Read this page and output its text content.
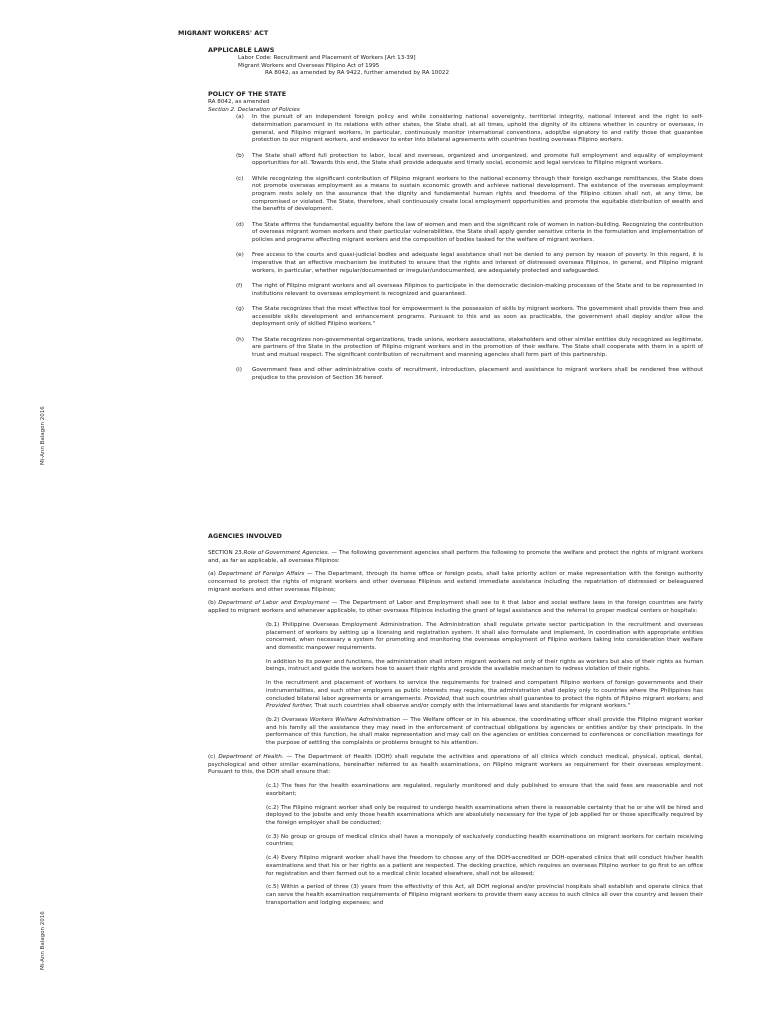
Mi-Ann Balagon 2016
Mi-Ann Balagon 2016
MIGRANT WORKERS' ACT
APPLICABLE LAWS
Labor Code: Recruitment and Placement of Workers [Art 13-39]
Migrant Workers and Overseas Filipino Act of 1995
RA 8042, as amended by RA 9422, further amended by RA 10022
POLICY OF THE STATE
RA 8042, as amended
Section 2. Declaration of Policies
(a)	In the pursuit of an independent foreign policy and while considering national sovereignty, territorial integrity, national interest and the right to self-determination paramount in its relations with other states, the State shall, at all times, uphold the dignity of its citizens whether in country or overseas, in general, and Filipino migrant workers, in particular, continuously monitor international conventions, adopt/be signatory to and ratify those that guarantee protection to our migrant workers, and endeavor to enter into bilateral agreements with countries hosting overseas Filipino workers.
(b)	The State shall afford full protection to labor, local and overseas, organized and unorganized, and promote full employment and equality of employment opportunities for all. Towards this end, the State shall provide adequate and timely social, economic and legal services to Filipino migrant workers.
(c)	While recognizing the significant contribution of Filipino migrant workers to the national economy through their foreign exchange remittances, the State does not promote overseas employment as a means to sustain economic growth and achieve national development. The existence of the overseas employment program rests solely on the assurance that the dignity and fundamental human rights and freedoms of the Filipino citizen shall not, at any time, be compromised or violated. The State, therefore, shall continuously create local employment opportunities and promote the equitable distribution of wealth and the benefits of development.
(d)	The State affirms the fundamental equality before the law of women and men and the significant role of women in nation-building. Recognizing the contribution of overseas migrant women workers and their particular vulnerabilities, the State shall apply gender sensitive criteria in the formulation and implementation of policies and programs affecting migrant workers and the composition of bodies tasked for the welfare of migrant workers.
(e)	Free access to the courts and quasi-judicial bodies and adequate legal assistance shall not be denied to any person by reason of poverty. In this regard, it is imperative that an effective mechanism be instituted to ensure that the rights and interest of distressed overseas Filipinos, in general, and Filipino migrant workers, in particular, whether regular/documented or irregular/undocumented, are adequately protected and safeguarded.
(f)	The right of Filipino migrant workers and all overseas Filipinos to participate in the democratic decision-making processes of the State and to be represented in institutions relevant to overseas employment is recognized and guaranteed.
(g)	The State recognizes that the most effective tool for empowerment is the possession of skills by migrant workers. The government shall provide them free and accessible skills development and enhancement programs. Pursuant to this and as soon as practicable, the government shall deploy and/or allow the deployment only of skilled Filipino workers."
(h)	The State recognizes non-governmental organizations, trade unions, workers associations, stakeholders and other similar entities duly recognized as legitimate, are partners of the State in the protection of Filipino migrant workers and in the promotion of their welfare. The State shall cooperate with them in a spirit of trust and mutual respect. The significant contribution of recruitment and manning agencies shall form part of this partnership.
(i)	Government fees and other administrative costs of recruitment, introduction, placement and assistance to migrant workers shall be rendered free without prejudice to the provision of Section 36 hereof.
AGENCIES INVOLVED

SECTION 23.Role of Government Agencies. — The following government agencies shall perform the following to promote the welfare and protect the rights of migrant workers and, as far as applicable, all overseas Filipinos:

(a) Department of Foreign Affairs — The Department, through its home office or foreign posts, shall take priority action or make representation with the foreign authority concerned to protect the rights of migrant workers and other overseas Filipinos and extend immediate assistance including the repatriation of distressed or beleaguered migrant workers and other overseas Filipinos;

(b) Department of Labor and Employment — The Department of Labor and Employment shall see to it that labor and social welfare laws in the foreign countries are fairly applied to migrant workers and whenever applicable, to other overseas Filipinos including the grant of legal assistance and the referral to proper medical centers or hospitals:

(b.1) Philippine Overseas Employment Administration. The Administration shall regulate private sector participation in the recruitment and overseas placement of workers by setting up a licensing and registration system. It shall also formulate and implement, in coordination with appropriate entities concerned, when necessary a system for promoting and monitoring the overseas employment of Filipino workers taking into consideration their welfare and domestic manpower requirements.

In addition to its power and functions, the administration shall inform migrant workers not only of their rights as workers but also of their rights as human beings, instruct and guide the workers how to assert their rights and provide the available mechanism to redress violation of their rights.

In the recruitment and placement of workers to service the requirements for trained and competent Filipino workers of foreign governments and their instrumentalities, and such other employers as public interests may require, the administration shall deploy only to countries where the Philippines has concluded bilateral labor agreements or arrangements. Provided, that such countries shall guarantee to protect the rights of Filipino migrant workers; and Provided further, That such countries shall observe and/or comply with the international laws and standards for migrant workers."

(b.2) Overseas Workers Welfare Administration — The Welfare officer or in his absence, the coordinating officer shall provide the Filipino migrant worker and his family all the assistance they may need in the enforcement of contractual obligations by agencies or entities and/or by their principals. In the performance of this function, he shall make representation and may call on the agencies or entities concerned to conferences or conciliation meetings for the purpose of settling the complaints or problems brought to his attention.

(c) Department of Health. — The Department of Health (DOH) shall regulate the activities and operations of all clinics which conduct medical, physical, optical, dental, psychological and other similar examinations, hereinafter referred to as health examinations, on Filipino migrant workers as requirement for their overseas employment. Pursuant to this, the DOH shall ensure that:

(c.1) The fees for the health examinations are regulated, regularly monitored and duly published to ensure that the said fees are reasonable and not exorbitant;

(c.2) The Filipino migrant worker shall only be required to undergo health examinations when there is reasonable certainty that he or she will be hired and deployed to the jobsite and only those health examinations which are absolutely necessary for the type of job applied for or those specifically required by the foreign employer shall be conducted;

(c.3) No group or groups of medical clinics shall have a monopoly of exclusively conducting health examinations on migrant workers for certain receiving countries;

(c.4) Every Filipino migrant worker shall have the freedom to choose any of the DOH-accredited or DOH-operated clinics that will conduct his/her health examinations and that his or her rights as a patient are respected. The decking practice, which requires an overseas Filipino worker to go first to an office for registration and then farmed out to a medical clinic located elsewhere, shall not be allowed;

(c.5) Within a period of three (3) years from the effectivity of this Act, all DOH regional and/or provincial hospitals shall establish and operate clinics that can serve the health examination requirements of Filipino migrant workers to provide them easy access to such clinics all over the country and lessen their transportation and lodging expenses; and
